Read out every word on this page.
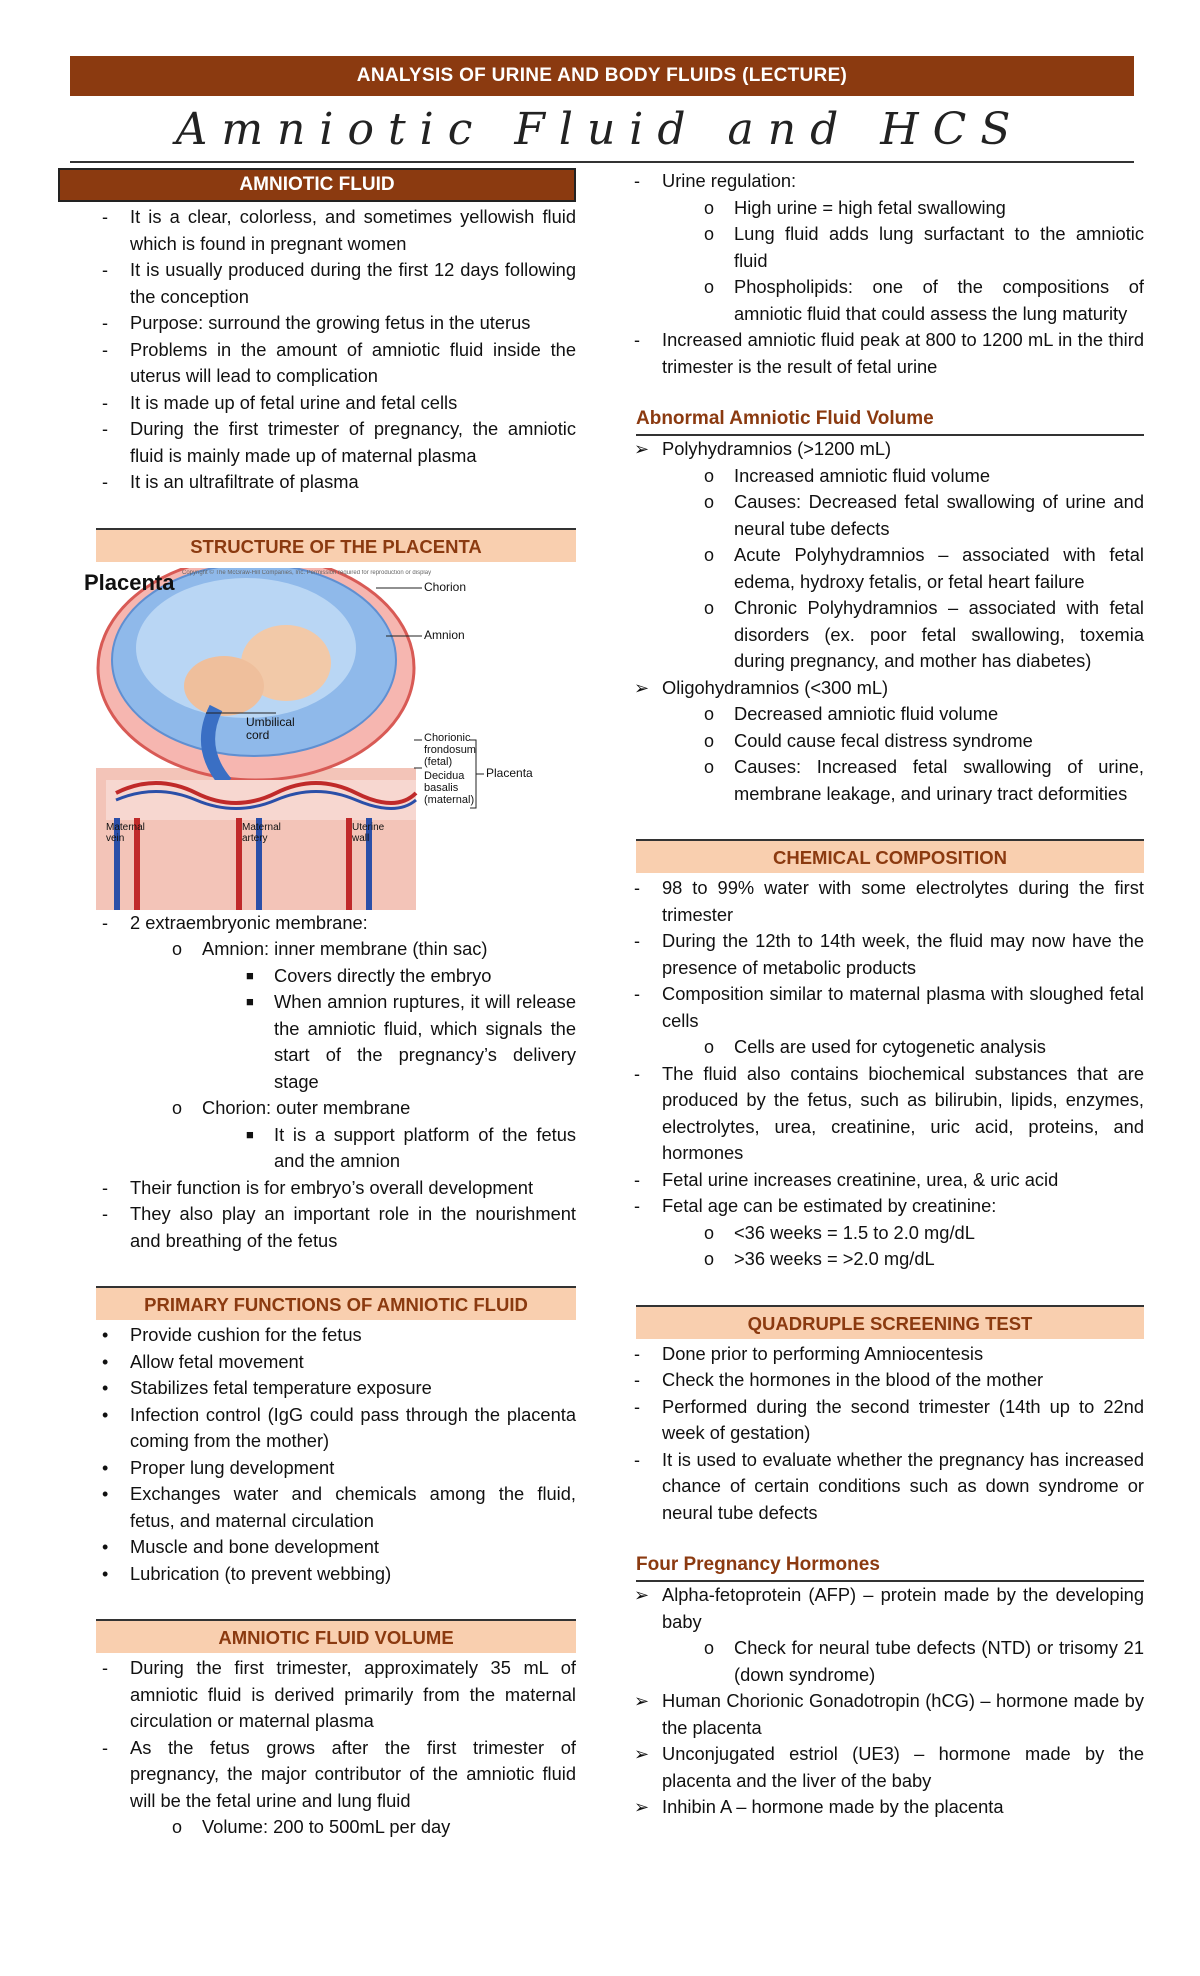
ANALYSIS OF URINE AND BODY FLUIDS (LECTURE)
Amniotic Fluid and HCS
AMNIOTIC FLUID
- It is a clear, colorless, and sometimes yellowish fluid which is found in pregnant women
- It is usually produced during the first 12 days following the conception
- Purpose: surround the growing fetus in the uterus
- Problems in the amount of amniotic fluid inside the uterus will lead to complication
- It is made up of fetal urine and fetal cells
- During the first trimester of pregnancy, the amniotic fluid is mainly made up of maternal plasma
- It is an ultrafiltrate of plasma
STRUCTURE OF THE PLACENTA
Placenta Copyright © The McGraw-Hill Companies, Inc. Permission required for reproduction or display
Chorion
Amnion
Umbilical cord	Chorionic frondosum (fetal)
Decidua basalis (maternal)
Placenta
Maternal vein
Maternal artery
Uterine wall
- 2 extraembryonic membrane:
o Amnion: inner membrane (thin sac)
■ Covers directly the embryo
■ When amnion ruptures, it will release the amniotic fluid, which signals the start of the pregnancy’s delivery stage
o Chorion: outer membrane
■ It is a support platform of the fetus and the amnion
- Their function is for embryo’s overall development
- They also play an important role in the nourishment and breathing of the fetus
PRIMARY FUNCTIONS OF AMNIOTIC FLUID
• Provide cushion for the fetus
• Allow fetal movement
• Stabilizes fetal temperature exposure
• Infection control (IgG could pass through the placenta coming from the mother)
• Proper lung development
• Exchanges water and chemicals among the fluid, fetus, and maternal circulation
• Muscle and bone development
• Lubrication (to prevent webbing)
AMNIOTIC FLUID VOLUME
- During the first trimester, approximately 35 mL of amniotic fluid is derived primarily from the maternal circulation or maternal plasma
- As the fetus grows after the first trimester of pregnancy, the major contributor of the amniotic fluid will be the fetal urine and lung fluid
o Volume: 200 to 500mL per day
- Urine regulation:
o High urine = high fetal swallowing
o Lung fluid adds lung surfactant to the amniotic fluid
o Phospholipids: one of the compositions of amniotic fluid that could assess the lung maturity
- Increased amniotic fluid peak at 800 to 1200 mL in the third trimester is the result of fetal urine
Abnormal Amniotic Fluid Volume
➢ Polyhydramnios (>1200 mL)
o Increased amniotic fluid volume
o Causes: Decreased fetal swallowing of urine and neural tube defects
o Acute Polyhydramnios – associated with fetal edema, hydroxy fetalis, or fetal heart failure
o Chronic Polyhydramnios – associated with fetal disorders (ex. poor fetal swallowing, toxemia during pregnancy, and mother has diabetes)
➢ Oligohydramnios (<300 mL)
o Decreased amniotic fluid volume
o Could cause fecal distress syndrome
o Causes: Increased fetal swallowing of urine, membrane leakage, and urinary tract deformities
CHEMICAL COMPOSITION
- 98 to 99% water with some electrolytes during the first trimester
- During the 12th to 14th week, the fluid may now have the presence of metabolic products
- Composition similar to maternal plasma with sloughed fetal cells
o Cells are used for cytogenetic analysis
- The fluid also contains biochemical substances that are produced by the fetus, such as bilirubin, lipids, enzymes, electrolytes, urea, creatinine, uric acid, proteins, and hormones
- Fetal urine increases creatinine, urea, & uric acid
- Fetal age can be estimated by creatinine:
o <36 weeks = 1.5 to 2.0 mg/dL
o >36 weeks = >2.0 mg/dL
QUADRUPLE SCREENING TEST
- Done prior to performing Amniocentesis
- Check the hormones in the blood of the mother
- Performed during the second trimester (14th up to 22nd week of gestation)
- It is used to evaluate whether the pregnancy has increased chance of certain conditions such as down syndrome or neural tube defects
Four Pregnancy Hormones
➢ Alpha-fetoprotein (AFP) – protein made by the developing baby
o Check for neural tube defects (NTD) or trisomy 21 (down syndrome)
➢ Human Chorionic Gonadotropin (hCG) – hormone made by the placenta
➢ Unconjugated estriol (UE3) – hormone made by the placenta and the liver of the baby
➢ Inhibin A – hormone made by the placenta
